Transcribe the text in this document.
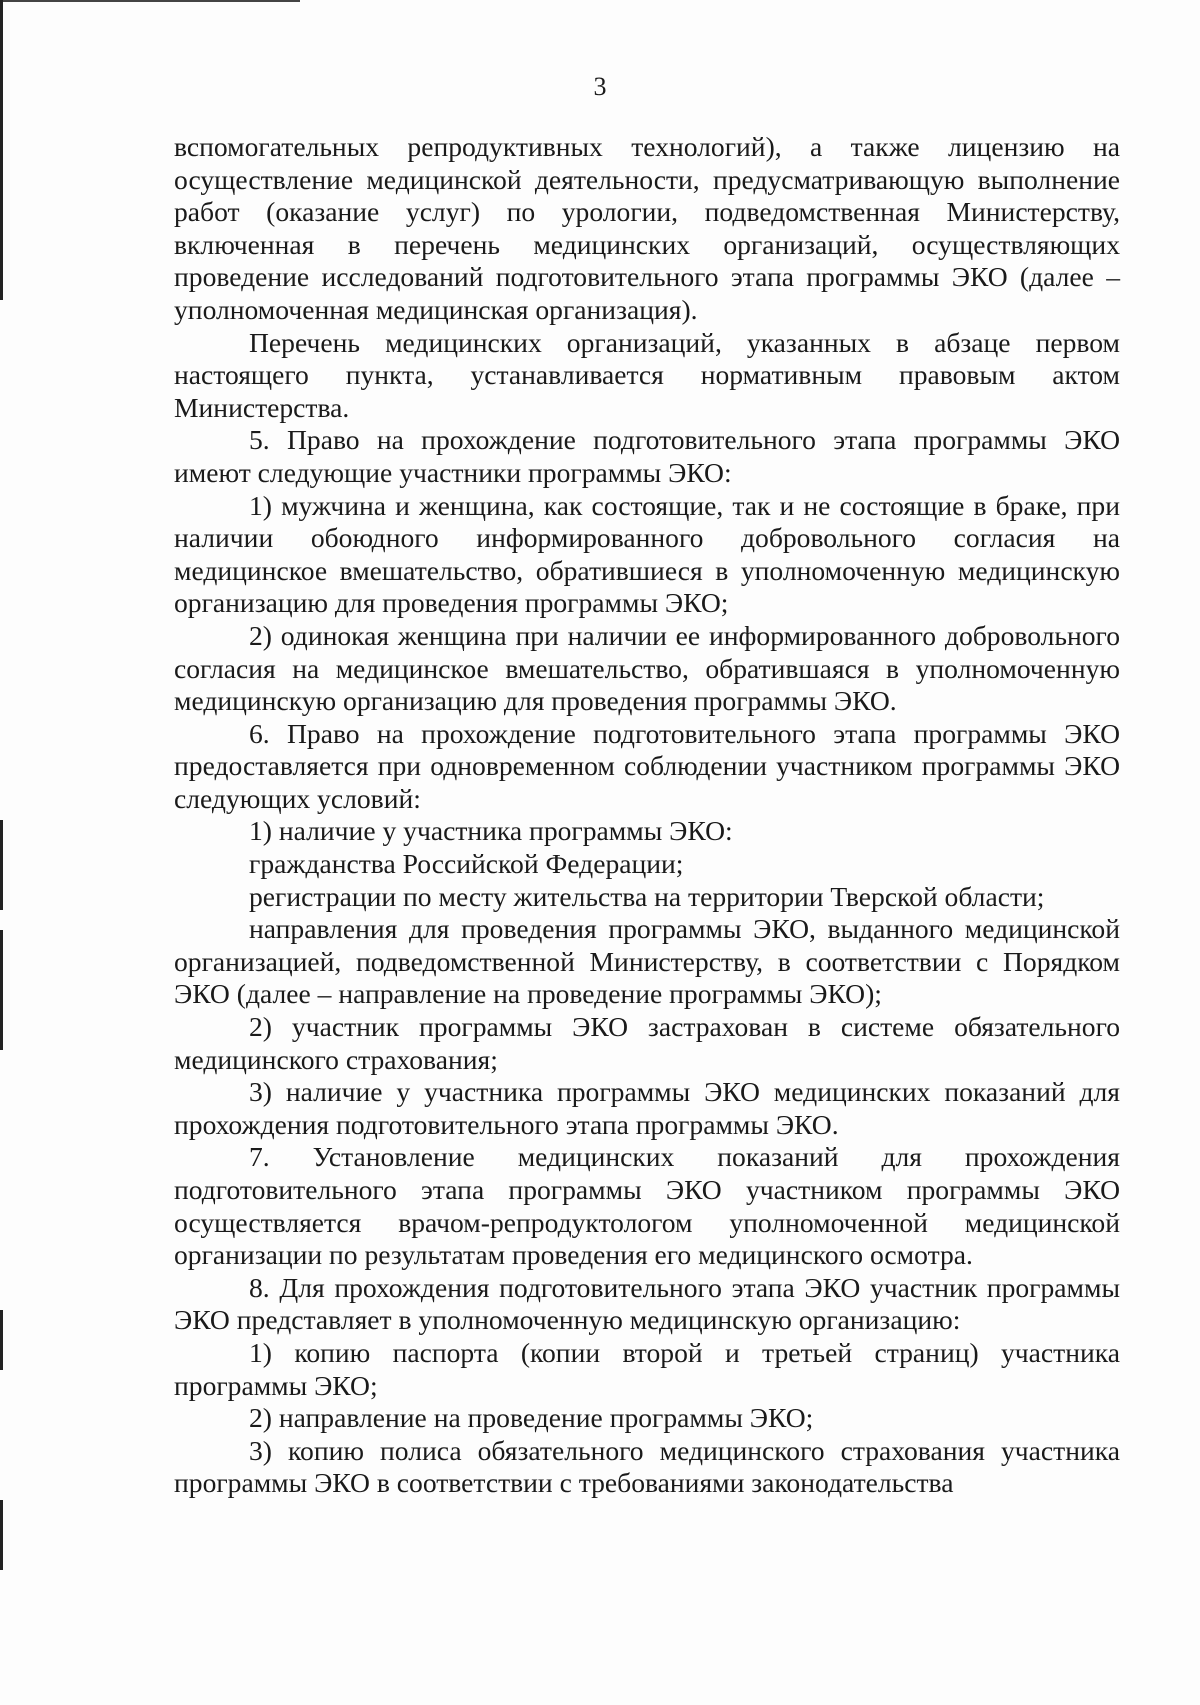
3

вспомогательных репродуктивных технологий), а также лицензию на осуществление медицинской деятельности, предусматривающую выполнение работ (оказание услуг) по урологии, подведомственная Министерству, включенная в перечень медицинских организаций, осуществляющих проведение исследований подготовительного этапа программы ЭКО (далее – уполномоченная медицинская организация).

Перечень медицинских организаций, указанных в абзаце первом настоящего пункта, устанавливается нормативным правовым актом Министерства.

5. Право на прохождение подготовительного этапа программы ЭКО имеют следующие участники программы ЭКО:

1) мужчина и женщина, как состоящие, так и не состоящие в браке, при наличии обоюдного информированного добровольного согласия на медицинское вмешательство, обратившиеся в уполномоченную медицинскую организацию для проведения программы ЭКО;

2) одинокая женщина при наличии ее информированного добровольного согласия на медицинское вмешательство, обратившаяся в уполномоченную медицинскую организацию для проведения программы ЭКО.

6. Право на прохождение подготовительного этапа программы ЭКО предоставляется при одновременном соблюдении участником программы ЭКО следующих условий:

1) наличие у участника программы ЭКО:

гражданства Российской Федерации;

регистрации по месту жительства на территории Тверской области;

направления для проведения программы ЭКО, выданного медицинской организацией, подведомственной Министерству, в соответствии с Порядком ЭКО (далее – направление на проведение программы ЭКО);

2) участник программы ЭКО застрахован в системе обязательного медицинского страхования;

3) наличие у участника программы ЭКО медицинских показаний для прохождения подготовительного этапа программы ЭКО.

7. Установление медицинских показаний для прохождения подготовительного этапа программы ЭКО участником программы ЭКО осуществляется врачом-репродуктологом уполномоченной медицинской организации по результатам проведения его медицинского осмотра.

8. Для прохождения подготовительного этапа ЭКО участник программы ЭКО представляет в уполномоченную медицинскую организацию:

1) копию паспорта (копии второй и третьей страниц) участника программы ЭКО;

2) направление на проведение программы ЭКО;

3) копию полиса обязательного медицинского страхования участника программы ЭКО в соответствии с требованиями законодательства
